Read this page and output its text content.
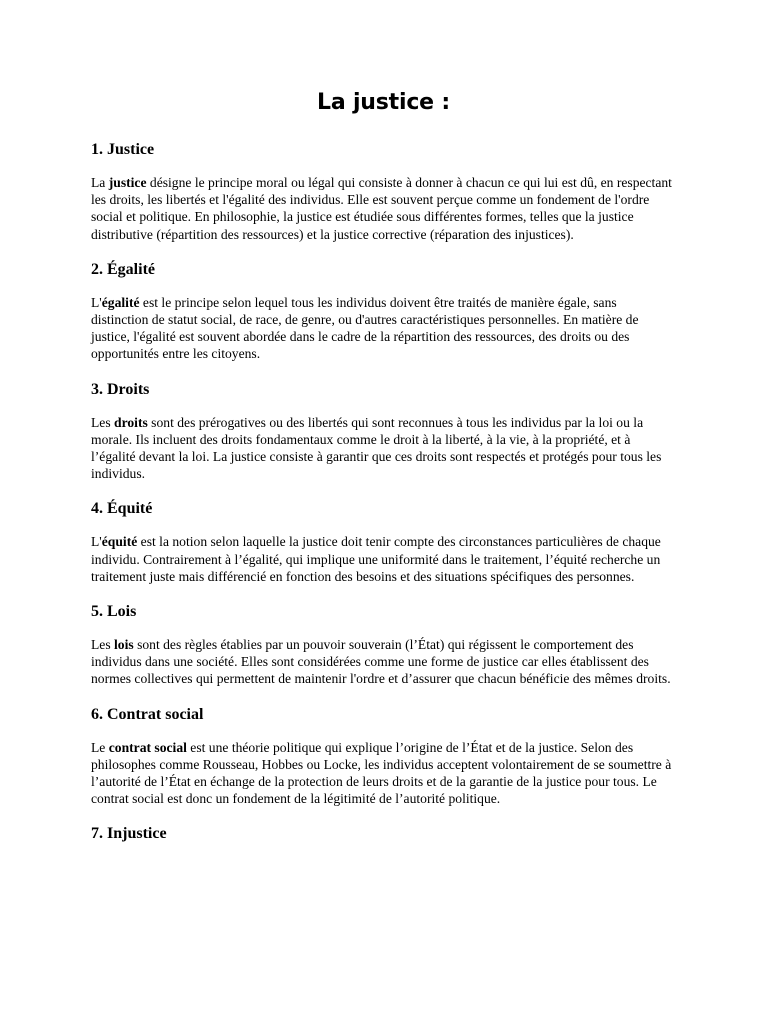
La justice :
1. Justice

La justice désigne le principe moral ou légal qui consiste à donner à chacun ce qui lui est dû, en respectant les droits, les libertés et l'égalité des individus. Elle est souvent perçue comme un fondement de l'ordre social et politique. En philosophie, la justice est étudiée sous différentes formes, telles que la justice distributive (répartition des ressources) et la justice corrective (réparation des injustices).

2. Égalité

L'égalité est le principe selon lequel tous les individus doivent être traités de manière égale, sans distinction de statut social, de race, de genre, ou d'autres caractéristiques personnelles. En matière de justice, l'égalité est souvent abordée dans le cadre de la répartition des ressources, des droits ou des opportunités entre les citoyens.

3. Droits

Les droits sont des prérogatives ou des libertés qui sont reconnues à tous les individus par la loi ou la morale. Ils incluent des droits fondamentaux comme le droit à la liberté, à la vie, à la propriété, et à l’égalité devant la loi. La justice consiste à garantir que ces droits sont respectés et protégés pour tous les individus.

4. Équité

L'équité est la notion selon laquelle la justice doit tenir compte des circonstances particulières de chaque individu. Contrairement à l’égalité, qui implique une uniformité dans le traitement, l’équité recherche un traitement juste mais différencié en fonction des besoins et des situations spécifiques des personnes.

5. Lois

Les lois sont des règles établies par un pouvoir souverain (l’État) qui régissent le comportement des individus dans une société. Elles sont considérées comme une forme de justice car elles établissent des normes collectives qui permettent de maintenir l'ordre et d’assurer que chacun bénéficie des mêmes droits.

6. Contrat social

Le contrat social est une théorie politique qui explique l’origine de l’État et de la justice. Selon des philosophes comme Rousseau, Hobbes ou Locke, les individus acceptent volontairement de se soumettre à l’autorité de l’État en échange de la protection de leurs droits et de la garantie de la justice pour tous. Le contrat social est donc un fondement de la légitimité de l’autorité politique.

7. Injustice
